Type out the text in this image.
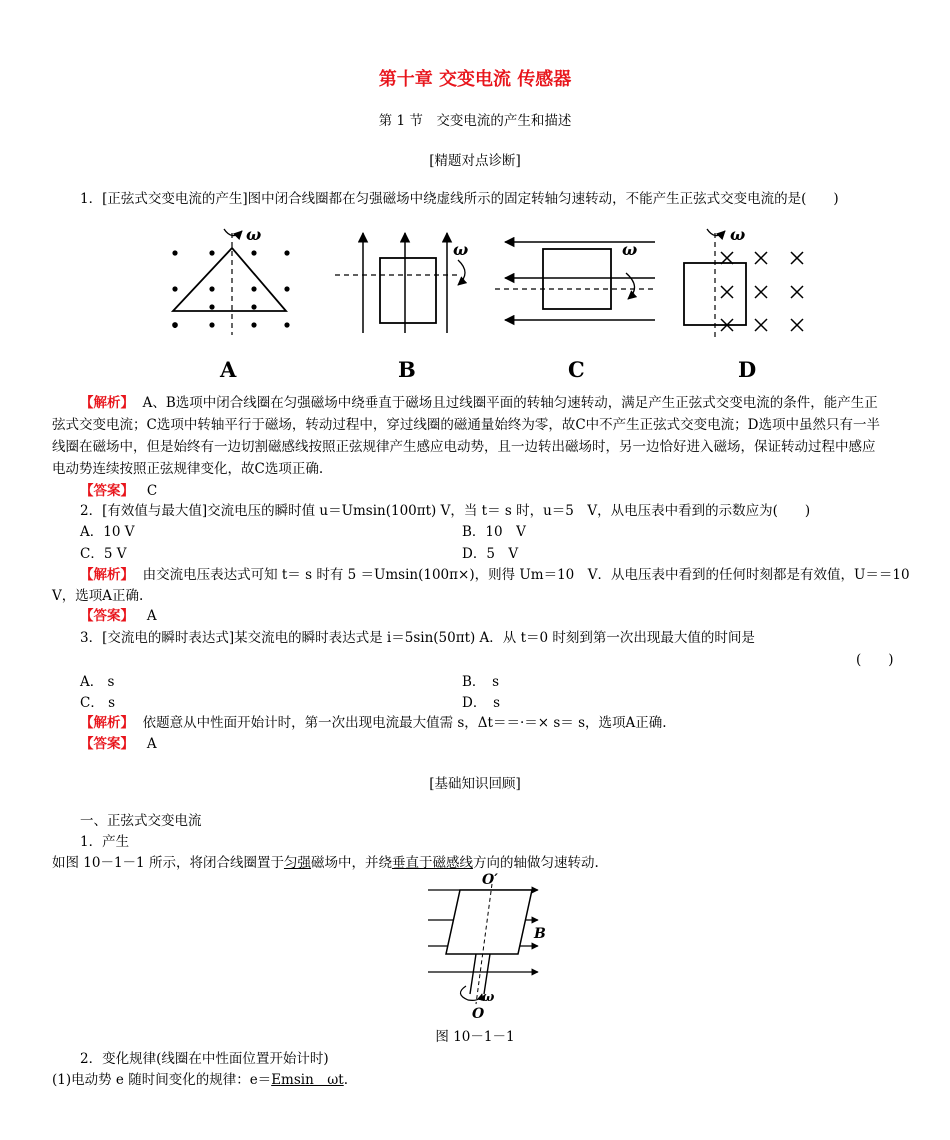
第十章 交变电流 传感器
第 1 节　交变电流的产生和描述
[精题对点诊断]
1．[正弦式交变电流的产生]图中闭合线圈都在匀强磁场中绕虚线所示的固定转轴匀速转动，不能产生正弦式交变电流的是(　　)
ω
ω	ω
ω
A	B	C	D
【解析】 A、B选项中闭合线圈在匀强磁场中绕垂直于磁场且过线圈平面的转轴匀速转动，满足产生正弦式交变电流的条件，能产生正
弦式交变电流；C选项中转轴平行于磁场，转动过程中，穿过线圈的磁通量始终为零，故C中不产生正弦式交变电流；D选项中虽然只有一半
线圈在磁场中，但是始终有一边切割磁感线按照正弦规律产生感应电动势，且一边转出磁场时，另一边恰好进入磁场，保证转动过程中感应
电动势连续按照正弦规律变化，故C选项正确.
【答案】 C
2．[有效值与最大值]交流电压的瞬时值 u＝Umsin(100πt) V，当 t＝ s 时，u＝5　V，从电压表中看到的示数应为(　　)
A．10 V	B．10　V
C．5 V	D．5　V
【解析】 由交流电压表达式可知 t＝ s 时有 5 ＝Umsin(100π×)，则得 Um＝10　V．从电压表中看到的任何时刻都是有效值，U＝＝10
V，选项A正确.
【答案】 A
3．[交流电的瞬时表达式]某交流电的瞬时表达式是 i＝5sin(50πt) A．从 t＝0 时刻到第一次出现最大值的时间是
(　　)
A． s	B．　s
C． s	D．　s
【解析】 依题意从中性面开始计时，第一次出现电流最大值需 s，Δt＝＝·＝× s＝ s，选项A正确.
【答案】 A
[基础知识回顾]
一、正弦式交变电流
1．产生
如图 10－1－1 所示，将闭合线圈置于匀强磁场中，并绕垂直于磁感线方向的轴做匀速转动.
O′
B
O
ω
图 10－1－1
2．变化规律(线圈在中性面位置开始计时)
(1)电动势 e 随时间变化的规律：e＝Emsin　ωt.
